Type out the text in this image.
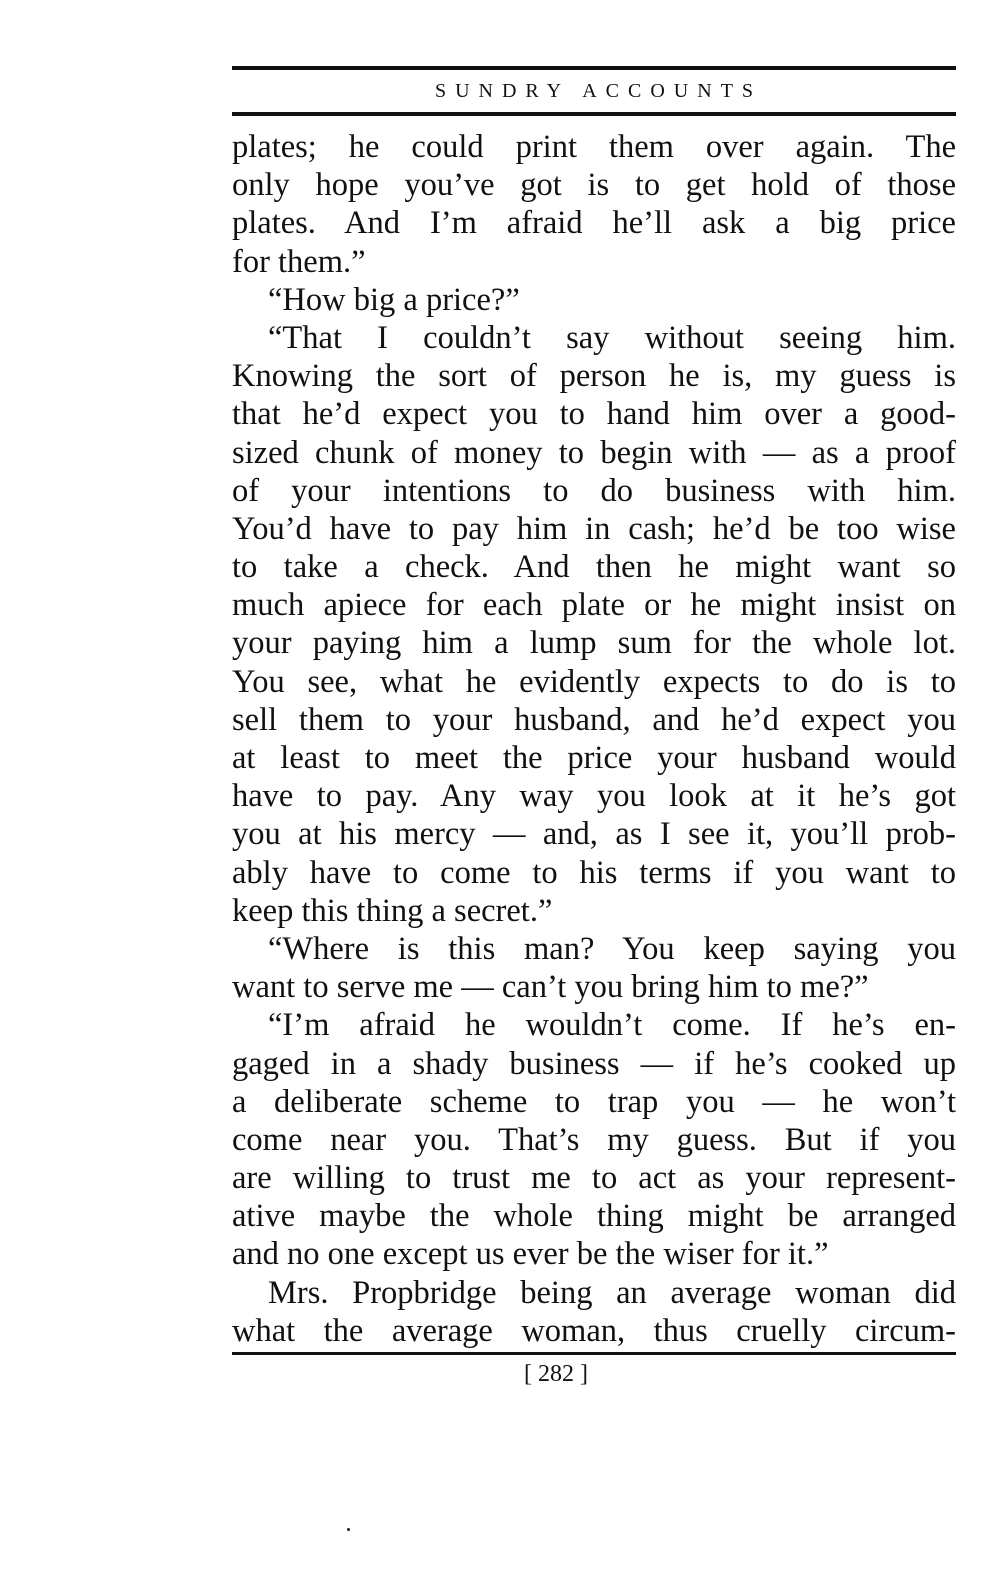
SUNDRY ACCOUNTS
plates; he could print them over again. The
only hope you’ve got is to get hold of those
plates. And I’m afraid he’ll ask a big price
for them.”
“How big a price?”
“That I couldn’t say without seeing him.
Knowing the sort of person he is, my guess is
that he’d expect you to hand him over a good-
sized chunk of money to begin with — as a proof
of your intentions to do business with him.
You’d have to pay him in cash; he’d be too wise
to take a check. And then he might want so
much apiece for each plate or he might insist on
your paying him a lump sum for the whole lot.
You see, what he evidently expects to do is to
sell them to your husband, and he’d expect you
at least to meet the price your husband would
have to pay. Any way you look at it he’s got
you at his mercy — and, as I see it, you’ll prob-
ably have to come to his terms if you want to
keep this thing a secret.”
“Where is this man? You keep saying you
want to serve me — can’t you bring him to me?”
“I’m afraid he wouldn’t come. If he’s en-
gaged in a shady business — if he’s cooked up
a deliberate scheme to trap you — he won’t
come near you. That’s my guess. But if you
are willing to trust me to act as your represent-
ative maybe the whole thing might be arranged
and no one except us ever be the wiser for it.”
Mrs. Propbridge being an average woman did
what the average woman, thus cruelly circum-
[ 282 ]
